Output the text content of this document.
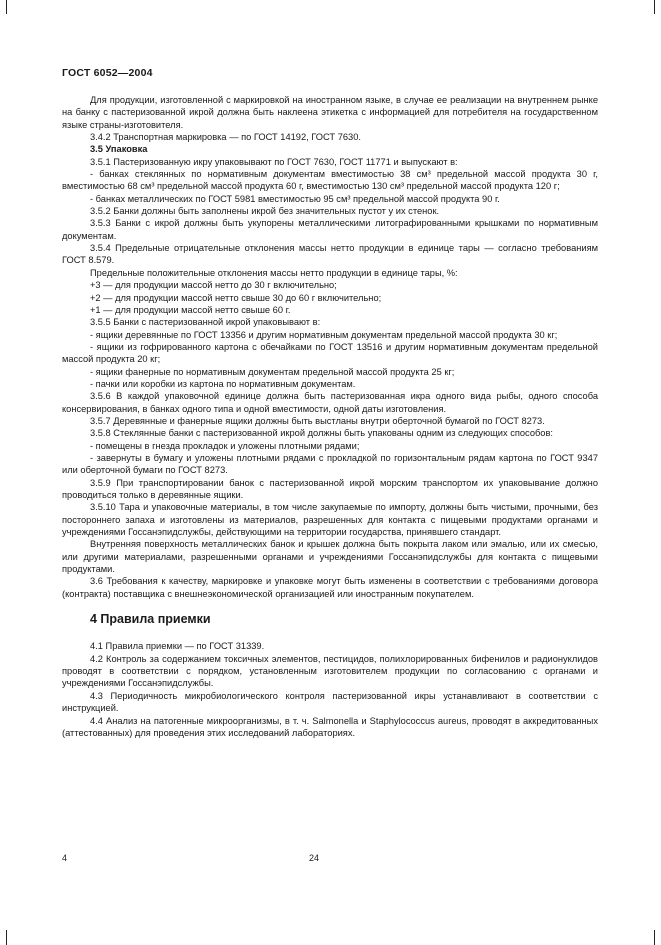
ГОСТ 6052—2004

Для продукции, изготовленной с маркировкой на иностранном языке, в случае ее реализации на внутреннем рынке на банку с пастеризованной икрой должна быть наклеена этикетка с информацией для потребителя на государственном языке страны-изготовителя.

3.4.2 Транспортная маркировка — по ГОСТ 14192, ГОСТ 7630.

3.5 Упаковка

3.5.1 Пастеризованную икру упаковывают по ГОСТ 7630, ГОСТ 11771 и выпускают в:

- банках стеклянных по нормативным документам вместимостью 38 см³ предельной массой продукта 30 г, вместимостью 68 см³ предельной массой продукта 60 г, вместимостью 130 см³ предельной массой продукта 120 г;

- банках металлических по ГОСТ 5981 вместимостью 95 см³ предельной массой продукта 90 г.

3.5.2 Банки должны быть заполнены икрой без значительных пустот у их стенок.

3.5.3 Банки с икрой должны быть укупорены металлическими литографированными крышками по нормативным документам.

3.5.4 Предельные отрицательные отклонения массы нетто продукции в единице тары — согласно требованиям ГОСТ 8.579.

Предельные положительные отклонения массы нетто продукции в единице тары, %:

+3 — для продукции массой нетто до 30 г включительно;

+2 — для продукции массой нетто свыше 30 до 60 г включительно;

+1 — для продукции массой нетто свыше 60 г.

3.5.5 Банки с пастеризованной икрой упаковывают в:

- ящики деревянные по ГОСТ 13356 и другим нормативным документам предельной массой продукта 30 кг;

- ящики из гофрированного картона с обечайками по ГОСТ 13516 и другим нормативным документам предельной массой продукта 20 кг;

- ящики фанерные по нормативным документам предельной массой продукта 25 кг;

- пачки или коробки из картона по нормативным документам.

3.5.6 В каждой упаковочной единице должна быть пастеризованная икра одного вида рыбы, одного способа консервирования, в банках одного типа и одной вместимости, одной даты изготовления.

3.5.7 Деревянные и фанерные ящики должны быть выстланы внутри оберточной бумагой по ГОСТ 8273.

3.5.8 Стеклянные банки с пастеризованной икрой должны быть упакованы одним из следующих способов:

- помещены в гнезда прокладок и уложены плотными рядами;

- завернуты в бумагу и уложены плотными рядами с прокладкой по горизонтальным рядам картона по ГОСТ 9347 или оберточной бумаги по ГОСТ 8273.

3.5.9 При транспортировании банок с пастеризованной икрой морским транспортом их упаковывание должно проводиться только в деревянные ящики.

3.5.10 Тара и упаковочные материалы, в том числе закупаемые по импорту, должны быть чистыми, прочными, без постороннего запаха и изготовлены из материалов, разрешенных для контакта с пищевыми продуктами органами и учреждениями Госсанэпидслужбы, действующими на территории государства, принявшего стандарт.

Внутренняя поверхность металлических банок и крышек должна быть покрыта лаком или эмалью, или их смесью, или другими материалами, разрешенными органами и учреждениями Госсанэпидслужбы для контакта с пищевыми продуктами.

3.6 Требования к качеству, маркировке и упаковке могут быть изменены в соответствии с требованиями договора (контракта) поставщика с внешнеэкономической организацией или иностранным покупателем.

4 Правила приемки

4.1 Правила приемки — по ГОСТ 31339.

4.2 Контроль за содержанием токсичных элементов, пестицидов, полихлорированных бифенилов и радионуклидов проводят в соответствии с порядком, установленным изготовителем продукции по согласованию с органами и учреждениями Госсанэпидслужбы.

4.3 Периодичность микробиологического контроля пастеризованной икры устанавливают в соответствии с инструкцией.

4.4 Анализ на патогенные микроорганизмы, в т. ч. Salmonella и Staphylococcus aureus, проводят в аккредитованных (аттестованных) для проведения этих исследований лабораториях.

4	24
